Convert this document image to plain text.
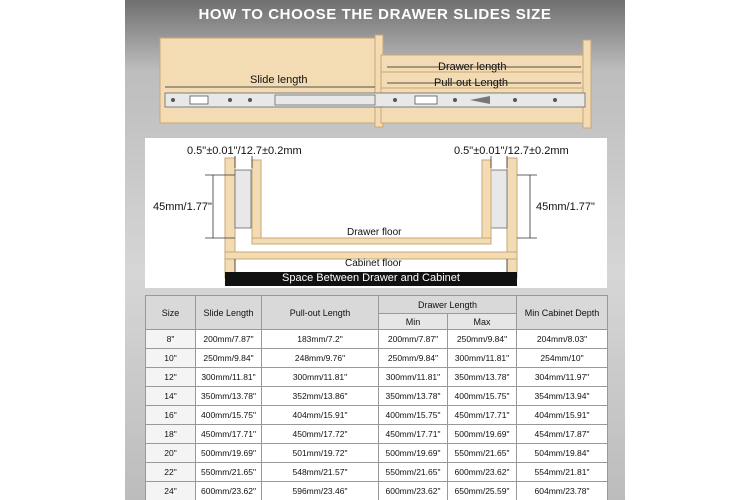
HOW TO CHOOSE THE DRAWER SLIDES SIZE
Slide length
Drawer length
Pull-out Length
0.5"±0.01"/12.7±0.2mm	0.5"±0.01"/12.7±0.2mm
45mm/1.77"	45mm/1.77"
Drawer floor
Cabinet floor
Space Between Drawer and Cabinet
Size	Slide Length	Pull-out Length	Drawer Length		Min Cabinet Depth
			Min	Max	
8"	200mm/7.87"	183mm/7.2"	200mm/7.87"	250mm/9.84"	204mm/8.03"
10"	250mm/9.84"	248mm/9.76"	250mm/9.84"	300mm/11.81"	254mm/10"
12"	300mm/11.81"	300mm/11.81"	300mm/11.81"	350mm/13.78"	304mm/11.97"
14"	350mm/13.78"	352mm/13.86"	350mm/13.78"	400mm/15.75"	354mm/13.94"
16"	400mm/15.75"	404mm/15.91"	400mm/15.75"	450mm/17.71"	404mm/15.91"
18"	450mm/17.71"	450mm/17.72"	450mm/17.71"	500mm/19.69"	454mm/17.87"
20"	500mm/19.69"	501mm/19.72"	500mm/19.69"	550mm/21.65"	504mm/19.84"
22"	550mm/21.65"	548mm/21.57"	550mm/21.65"	600mm/23.62"	554mm/21.81"
24"	600mm/23.62"	596mm/23.46"	600mm/23.62"	650mm/25.59"	604mm/23.78"
